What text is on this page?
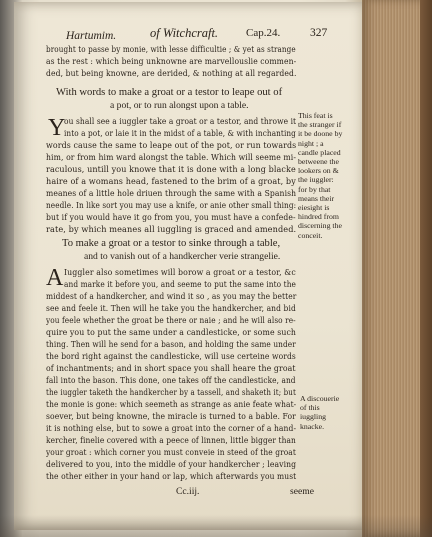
Hartumim.	of Witchcraft.	Cap.24.	327
brought to passe by monie, with lesse difficultie ; & yet as strange
as the rest : which being unknowne are marvellouslie commen-
ded, but being knowne, are derided, & nothing at all regarded.
With words to make a groat or a testor to leape out of
a pot, or to run alongst upon a table.
Y
ou shall see a iuggler take a groat or a testor, and throwe it
into a pot, or laie it in the midst of a table, & with inchanting
words cause the same to leape out of the pot, or run towards
him, or from him ward alongst the table. Which will seeme mi-
raculous, untill you knowe that it is done with a long blacke
haire of a womans head, fastened to the brim of a groat, by
meanes of a little hole driuen through the same with a Spanish
needle. In like sort you may use a knife, or anie other small thing:
but if you would have it go from you, you must have a confede-
rate, by which meanes all iuggling is graced and amended.
This feat is the stranger if it be doone by night ; a candle placed betweene the lookers on & the iuggler: for by that means their eiesight is hindred from discerning the conceit.
To make a groat or a testor to sinke through a table,
and to vanish out of a handkercher verie strangelie.
A Iuggler also sometimes will borow a groat or a testor, &c
and marke it before you, and seeme to put the same into the
middest of a handkercher, and wind it so , as you may the better
see and feele it. Then will he take you the handkercher, and bid
you feele whether the groat be there or naie ; and he will also re-
quire you to put the same under a candlesticke, or some such
thing. Then will he send for a bason, and holding the same under
the bord right against the candlesticke, will use certeine words
of inchantments; and in short space you shall heare the groat
fall into the bason. This done, one takes off the candlesticke, and
the iuggler taketh the handkercher by a tassell, and shaketh it; but
the monie is gone: which seemeth as strange as anie feate what-
soever, but being knowne, the miracle is turned to a bable. For
it is nothing else, but to sowe a groat into the corner of a hand-
kercher, finelie covered with a peece of linnen, little bigger than
your groat : which corner you must conveie in steed of the groat
delivered to you, into the middle of your handkercher ; leaving
the other either in your hand or lap, which afterwards you must
A discouerie of this iuggling knacke.
Cc.iij.	seeme
